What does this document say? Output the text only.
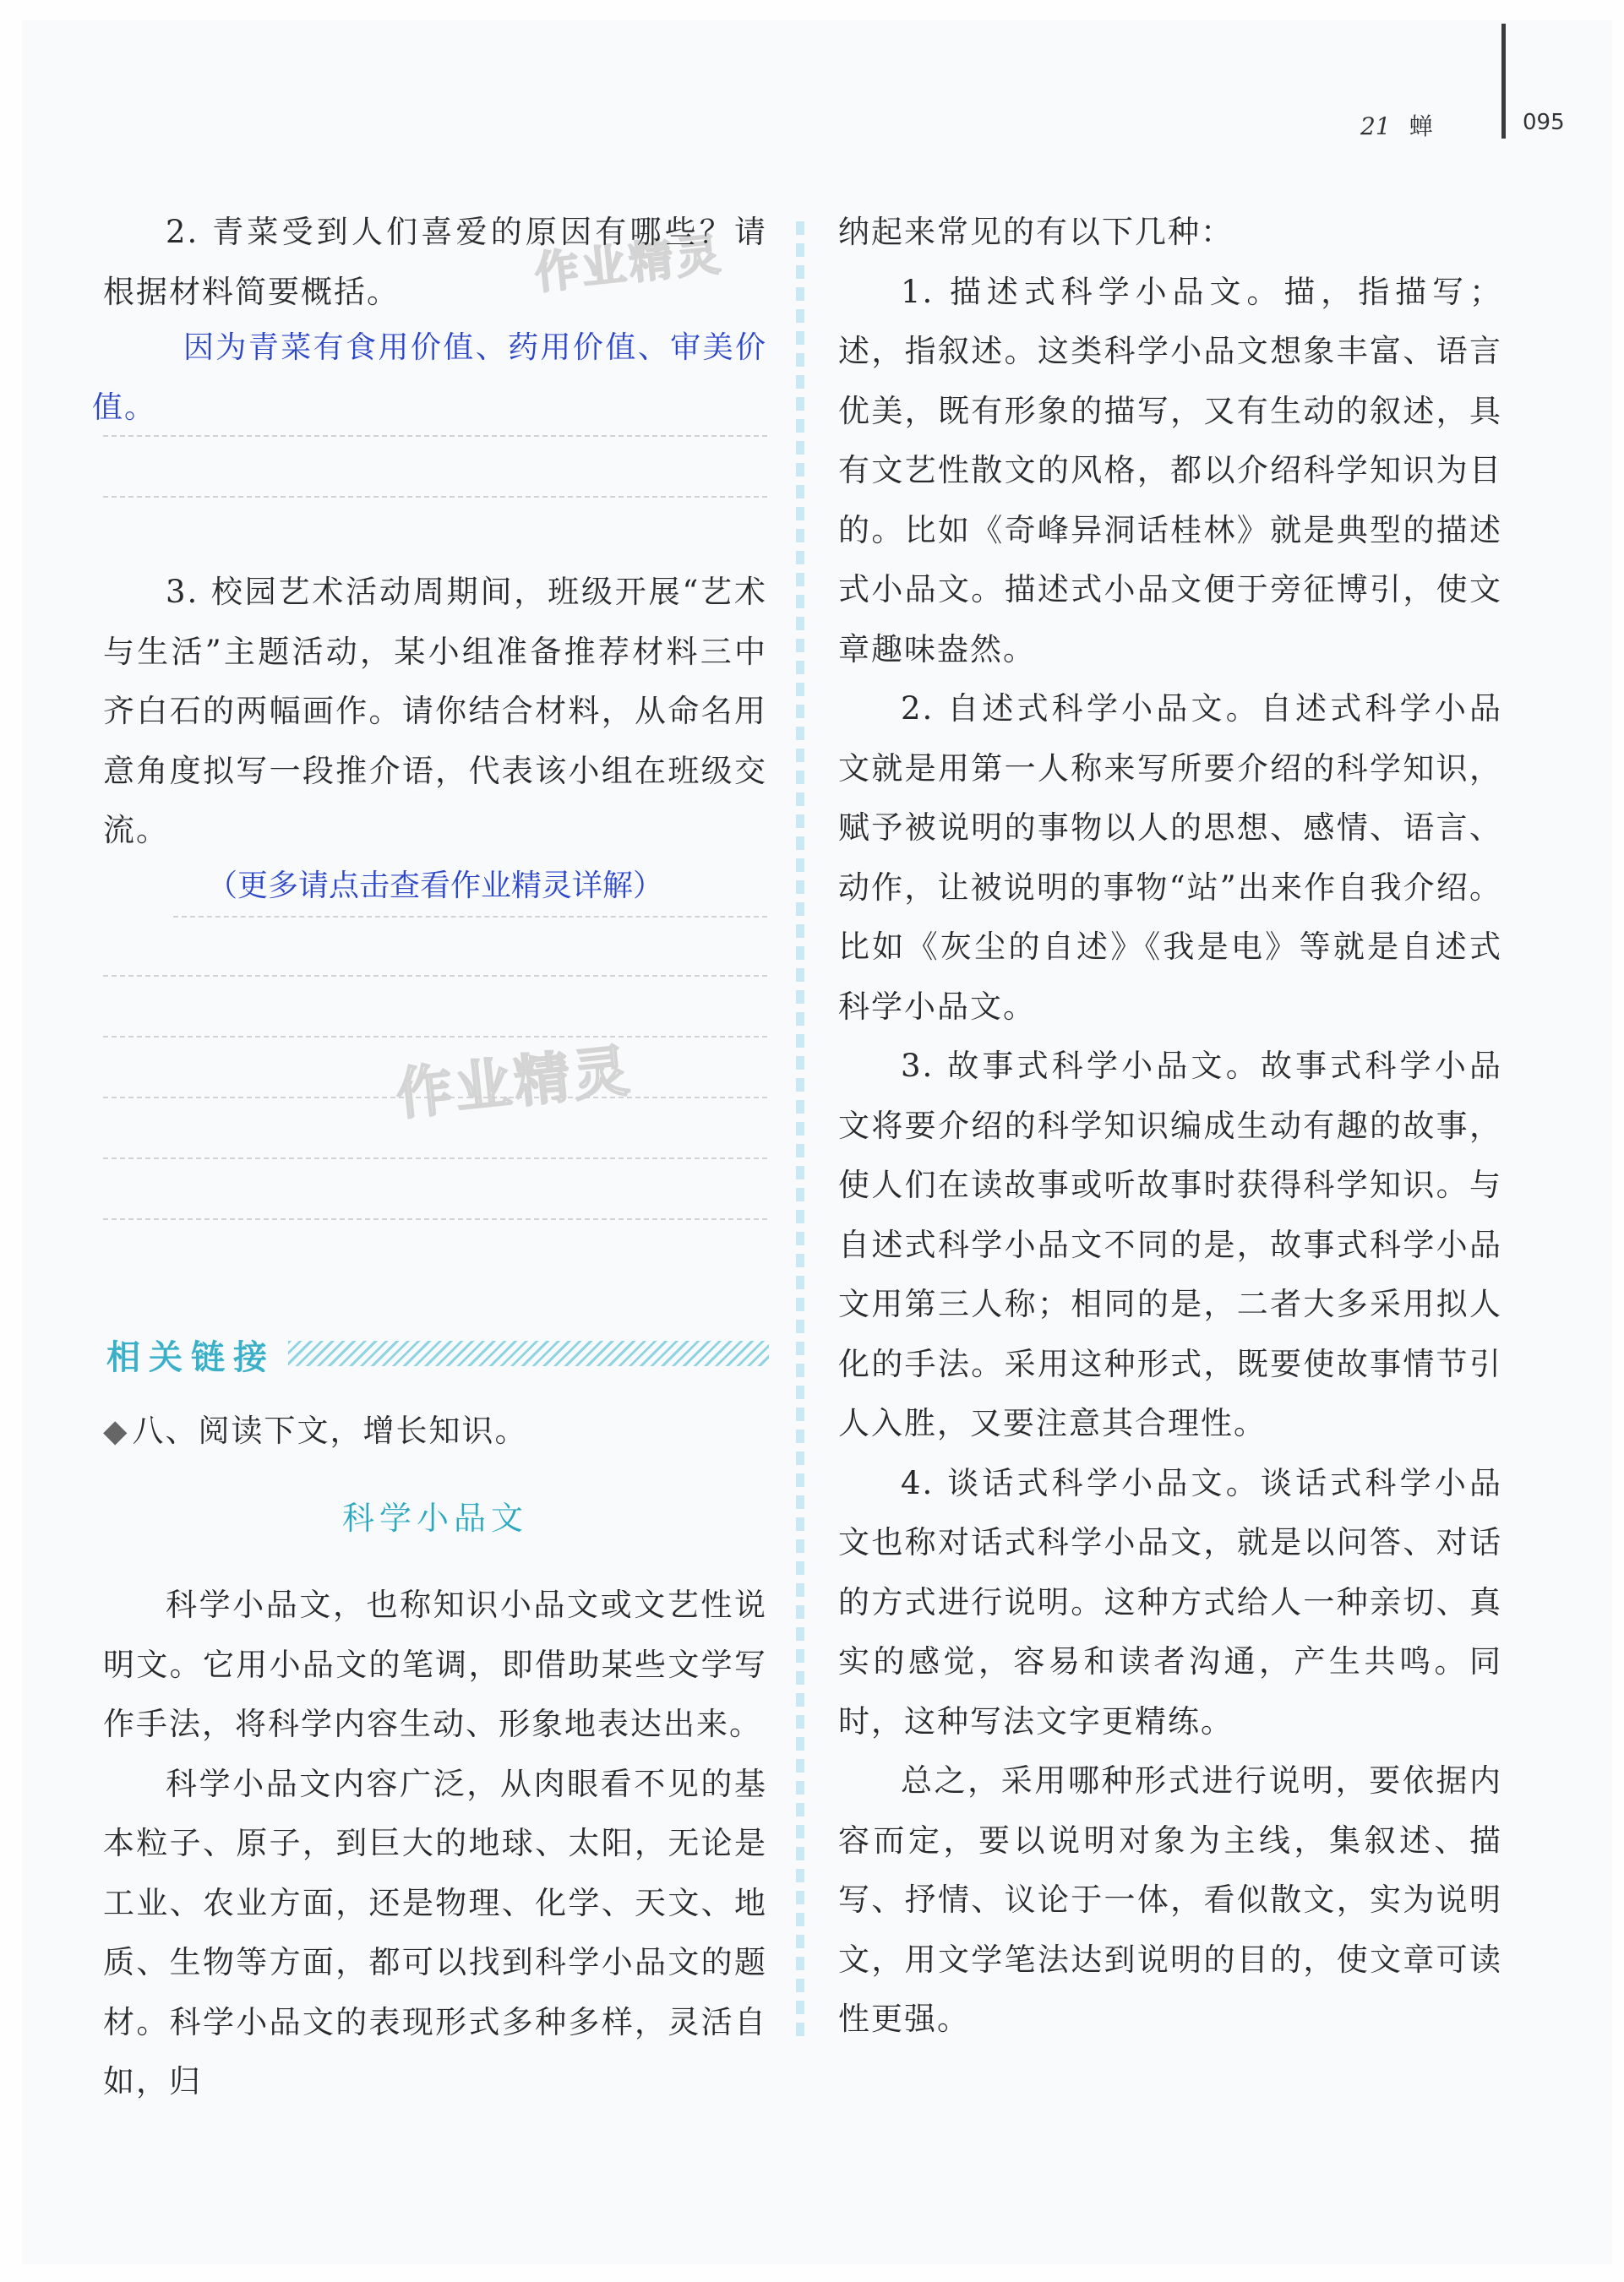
21 蝉	095
作业精灵
作业精灵

2. 青菜受到人们喜爱的原因有哪些？请根据材料简要概括。

因为青菜有食用价值、药用价值、审美价值。

3. 校园艺术活动周期间，班级开展“艺术与生活”主题活动，某小组准备推荐材料三中齐白石的两幅画作。请你结合材料，从命名用意角度拟写一段推介语，代表该小组在班级交流。

（更多请点击查看作业精灵详解）
相关链接
◆ 八、阅读下文，增长知识。
科学小品文

科学小品文，也称知识小品文或文艺性说明文。它用小品文的笔调，即借助某些文学写作手法，将科学内容生动、形象地表达出来。

科学小品文内容广泛，从肉眼看不见的基本粒子、原子，到巨大的地球、太阳，无论是工业、农业方面，还是物理、化学、天文、地质、生物等方面，都可以找到科学小品文的题材。科学小品文的表现形式多种多样，灵活自如，归

纳起来常见的有以下几种：

1. 描述式科学小品文。描，指描写；述，指叙述。这类科学小品文想象丰富、语言优美，既有形象的描写，又有生动的叙述，具有文艺性散文的风格，都以介绍科学知识为目的。比如《奇峰异洞话桂林》就是典型的描述式小品文。描述式小品文便于旁征博引，使文章趣味盎然。

2. 自述式科学小品文。自述式科学小品文就是用第一人称来写所要介绍的科学知识，赋予被说明的事物以人的思想、感情、语言、动作，让被说明的事物“站”出来作自我介绍。比如《灰尘的自述》《我是电》等就是自述式科学小品文。

3. 故事式科学小品文。故事式科学小品文将要介绍的科学知识编成生动有趣的故事，使人们在读故事或听故事时获得科学知识。与自述式科学小品文不同的是，故事式科学小品文用第三人称；相同的是，二者大多采用拟人化的手法。采用这种形式，既要使故事情节引人入胜，又要注意其合理性。

4. 谈话式科学小品文。谈话式科学小品文也称对话式科学小品文，就是以问答、对话的方式进行说明。这种方式给人一种亲切、真实的感觉，容易和读者沟通，产生共鸣。同时，这种写法文字更精练。

总之，采用哪种形式进行说明，要依据内容而定，要以说明对象为主线，集叙述、描写、抒情、议论于一体，看似散文，实为说明文，用文学笔法达到说明的目的，使文章可读性更强。
